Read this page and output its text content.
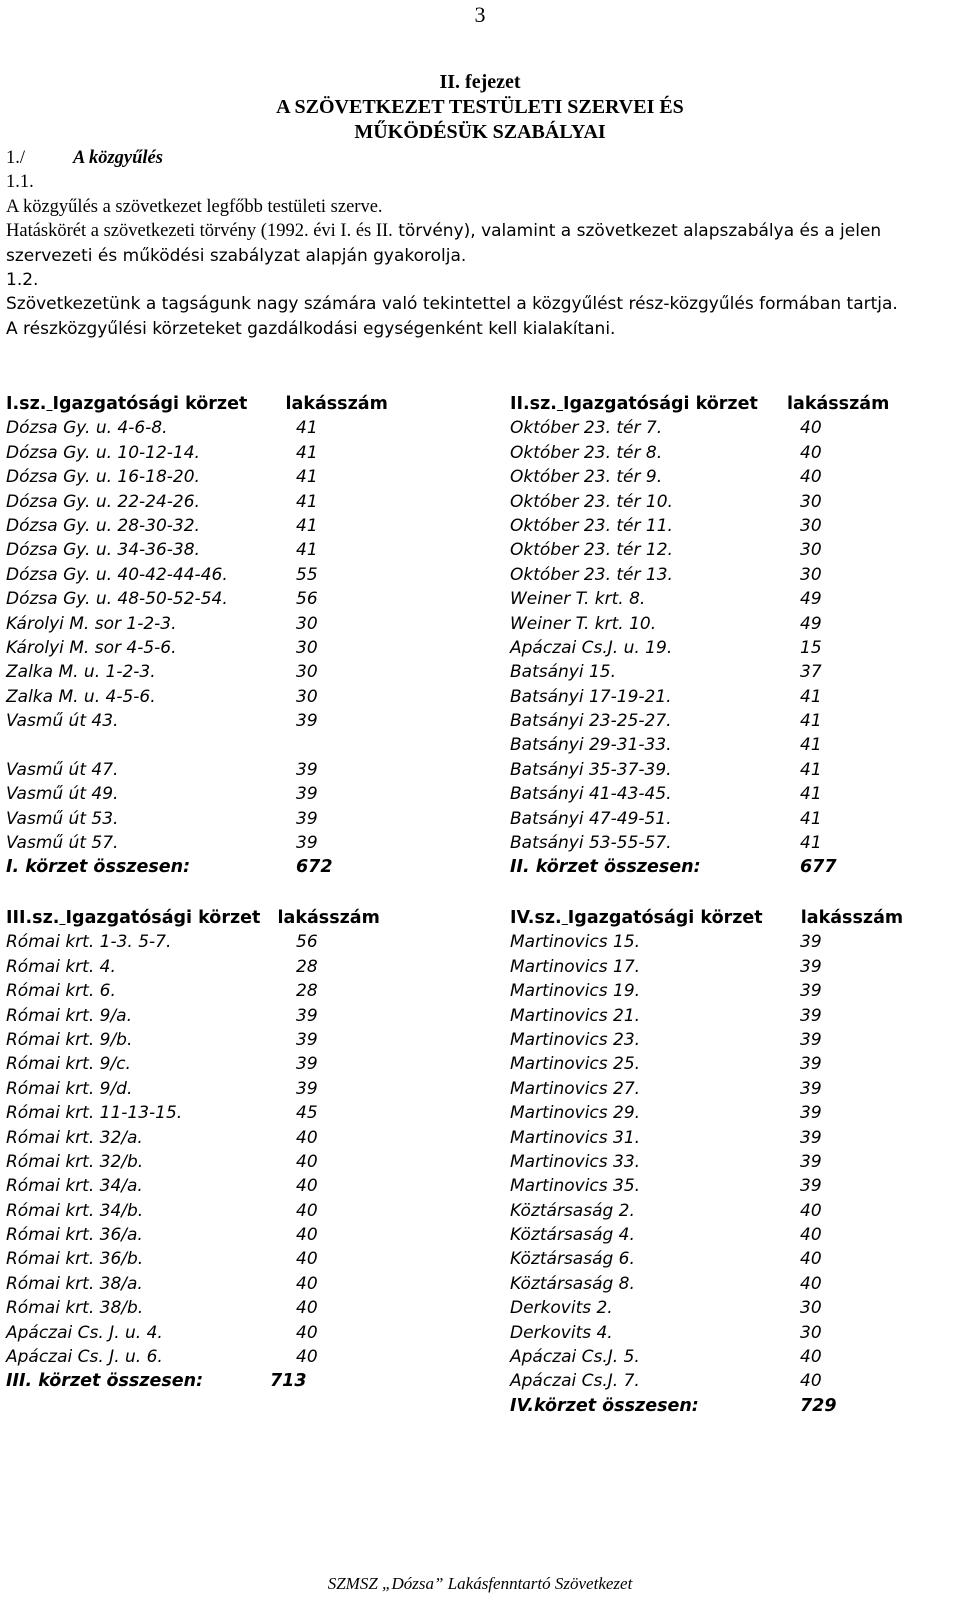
3
II. fejezet
A SZÖVETKEZET TESTÜLETI SZERVEI ÉS
MŰKÖDÉSÜK SZABÁLYAI
1./	A közgyűlés
1.1.
A közgyűlés a szövetkezet legfőbb testületi szerve.
Hatáskörét a szövetkezeti törvény (1992. évi I. és II. törvény), valamint a szövetkezet alapszabálya és a jelen szervezeti és működési szabályzat alapján gyakorolja.
1.2.
Szövetkezetünk a tagságunk nagy számára való tekintettel a közgyűlést rész-közgyűlés formában tartja.
A részközgyűlési körzeteket gazdálkodási egységenként kell kialakítani.
I.sz. Igazgatósági körzet lakásszám
Dózsa Gy. u. 4-6-8.	41
Dózsa Gy. u. 10-12-14.	41
Dózsa Gy. u. 16-18-20.	41
Dózsa Gy. u. 22-24-26.	41
Dózsa Gy. u. 28-30-32.	41
Dózsa Gy. u. 34-36-38.	41
Dózsa Gy. u. 40-42-44-46.	55
Dózsa Gy. u. 48-50-52-54.	56
Károlyi M. sor 1-2-3.	30
Károlyi M. sor 4-5-6.	30
Zalka M. u. 1-2-3.	30
Zalka M. u. 4-5-6.	30
Vasmű út 43.	39
Vasmű út 47.	39
Vasmű út 49.	39
Vasmű út 53.	39
Vasmű út 57.	39
I. körzet összesen:	672
II.sz. Igazgatósági körzet lakásszám
Október 23. tér 7.	40
Október 23. tér 8.	40
Október 23. tér 9.	40
Október 23. tér 10.	30
Október 23. tér 11.	30
Október 23. tér 12.	30
Október 23. tér 13.	30
Weiner T. krt. 8.	49
Weiner T. krt. 10.	49
Apáczai Cs.J. u. 19.	15
Batsányi 15.	37
Batsányi 17-19-21.	41
Batsányi 23-25-27.	41
Batsányi 29-31-33.	41
Batsányi 35-37-39.	41
Batsányi 41-43-45.	41
Batsányi 47-49-51.	41
Batsányi 53-55-57.	41
II. körzet összesen:	677
III.sz. Igazgatósági körzet lakásszám
Római krt. 1-3. 5-7.	56
Római krt. 4.	28
Római krt. 6.	28
Római krt. 9/a.	39
Római krt. 9/b.	39
Római krt. 9/c.	39
Római krt. 9/d.	39
Római krt. 11-13-15.	45
Római krt. 32/a.	40
Római krt. 32/b.	40
Római krt. 34/a.	40
Római krt. 34/b.	40
Római krt. 36/a.	40
Római krt. 36/b.	40
Római krt. 38/a.	40
Római krt. 38/b.	40
Apáczai Cs. J. u. 4.	40
Apáczai Cs. J. u. 6.	40
III. körzet összesen:	713
IV.sz. Igazgatósági körzet lakásszám
Martinovics 15.	39
Martinovics 17.	39
Martinovics 19.	39
Martinovics 21.	39
Martinovics 23.	39
Martinovics 25.	39
Martinovics 27.	39
Martinovics 29.	39
Martinovics 31.	39
Martinovics 33.	39
Martinovics 35.	39
Köztársaság 2.	40
Köztársaság 4.	40
Köztársaság 6.	40
Köztársaság 8.	40
Derkovits 2.	30
Derkovits 4.	30
Apáczai Cs.J. 5.	40
Apáczai Cs.J. 7.	40
IV.körzet összesen:	729
SZMSZ „Dózsa” Lakásfenntartó Szövetkezet
